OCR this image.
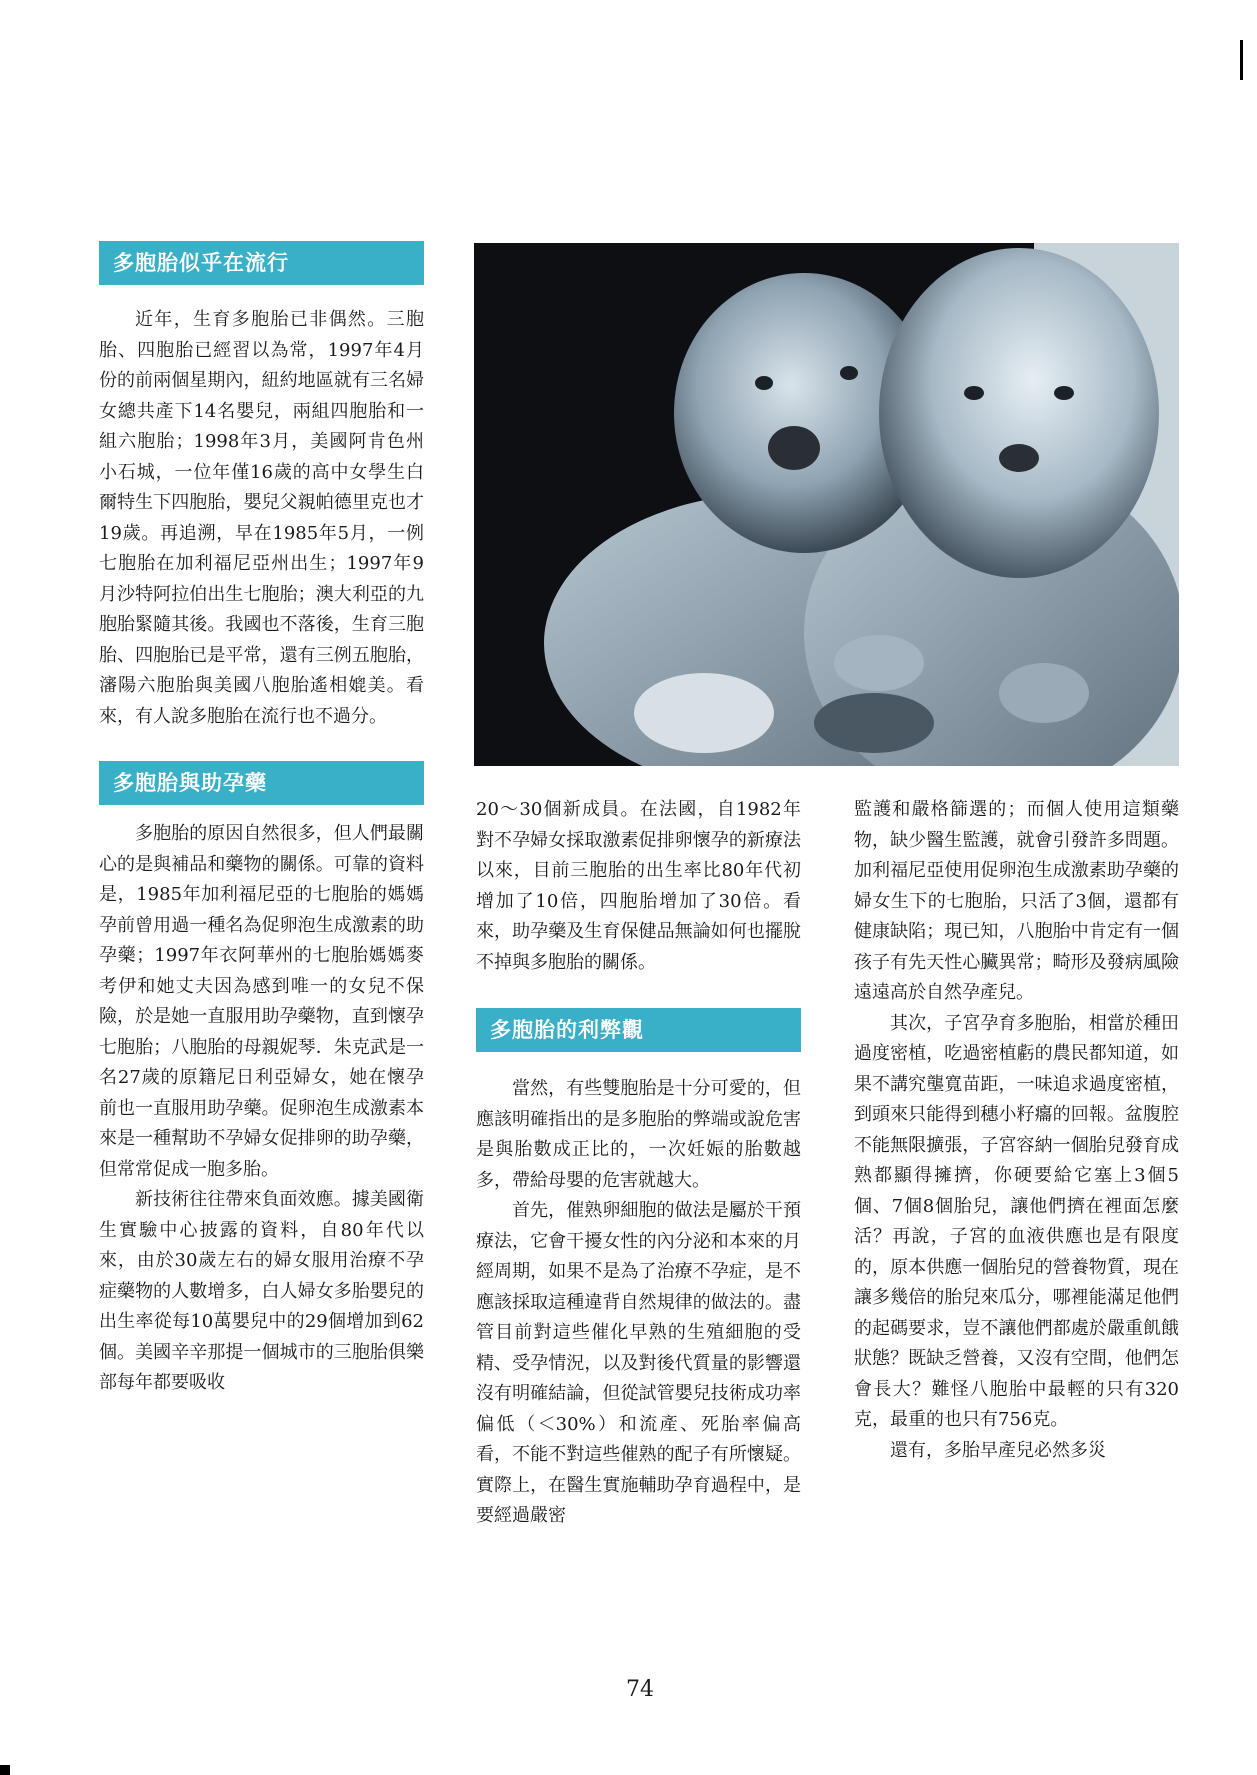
多胞胎似乎在流行

近年，生育多胞胎已非偶然。三胞胎、四胞胎已經習以為常，1997年4月份的前兩個星期內，紐約地區就有三名婦女總共產下14名嬰兒，兩組四胞胎和一組六胞胎；1998年3月，美國阿肯色州小石城，一位年僅16歲的高中女學生白爾特生下四胞胎，嬰兒父親帕德里克也才19歲。再追溯，早在1985年5月，一例七胞胎在加利福尼亞州出生；1997年9月沙特阿拉伯出生七胞胎；澳大利亞的九胞胎緊隨其後。我國也不落後，生育三胞胎、四胞胎已是平常，還有三例五胞胎，瀋陽六胞胎與美國八胞胎遙相媲美。看來，有人說多胞胎在流行也不過分。

多胞胎與助孕藥

多胞胎的原因自然很多，但人們最關心的是與補品和藥物的關係。可靠的資料是，1985年加利福尼亞的七胞胎的媽媽孕前曾用過一種名為促卵泡生成激素的助孕藥；1997年衣阿華州的七胞胎媽媽麥考伊和她丈夫因為感到唯一的女兒不保險，於是她一直服用助孕藥物，直到懷孕七胞胎；八胞胎的母親妮琴．朱克武是一名27歲的原籍尼日利亞婦女，她在懷孕前也一直服用助孕藥。促卵泡生成激素本來是一種幫助不孕婦女促排卵的助孕藥，但常常促成一胞多胎。

新技術往往帶來負面效應。據美國衛生實驗中心披露的資料，自80年代以來，由於30歲左右的婦女服用治療不孕症藥物的人數增多，白人婦女多胎嬰兒的出生率從每10萬嬰兒中的29個增加到62個。美國辛辛那提一個城市的三胞胎俱樂部每年都要吸收

20～30個新成員。在法國，自1982年對不孕婦女採取激素促排卵懷孕的新療法以來，目前三胞胎的出生率比80年代初增加了10倍，四胞胎增加了30倍。看來，助孕藥及生育保健品無論如何也擺脫不掉與多胞胎的關係。

多胞胎的利弊觀

當然，有些雙胞胎是十分可愛的，但應該明確指出的是多胞胎的弊端或說危害是與胎數成正比的，一次妊娠的胎數越多，帶給母嬰的危害就越大。

首先，催熟卵細胞的做法是屬於干預療法，它會干擾女性的內分泌和本來的月經周期，如果不是為了治療不孕症，是不應該採取這種違背自然規律的做法的。盡管目前對這些催化早熟的生殖細胞的受精、受孕情況，以及對後代質量的影響還沒有明確結論，但從試管嬰兒技術成功率偏低（＜30%）和流產、死胎率偏高看，不能不對這些催熟的配子有所懷疑。實際上，在醫生實施輔助孕育過程中，是要經過嚴密

監護和嚴格篩選的；而個人使用這類藥物，缺少醫生監護，就會引發許多問題。加利福尼亞使用促卵泡生成激素助孕藥的婦女生下的七胞胎，只活了3個，還都有健康缺陷；現已知，八胞胎中肯定有一個孩子有先天性心臟異常；畸形及發病風險遠遠高於自然孕產兒。

其次，子宮孕育多胞胎，相當於種田過度密植，吃過密植虧的農民都知道，如果不講究壟寬苗距，一味追求過度密植，到頭來只能得到穗小籽癟的回報。盆腹腔不能無限擴張，子宮容納一個胎兒發育成熟都顯得擁擠，你硬要給它塞上3個5個、7個8個胎兒，讓他們擠在裡面怎麼活？再說，子宮的血液供應也是有限度的，原本供應一個胎兒的營養物質，現在讓多幾倍的胎兒來瓜分，哪裡能滿足他們的起碼要求，豈不讓他們都處於嚴重飢餓狀態？既缺乏營養，又沒有空間，他們怎會長大？難怪八胞胎中最輕的只有320克，最重的也只有756克。

還有，多胎早產兒必然多災

74
